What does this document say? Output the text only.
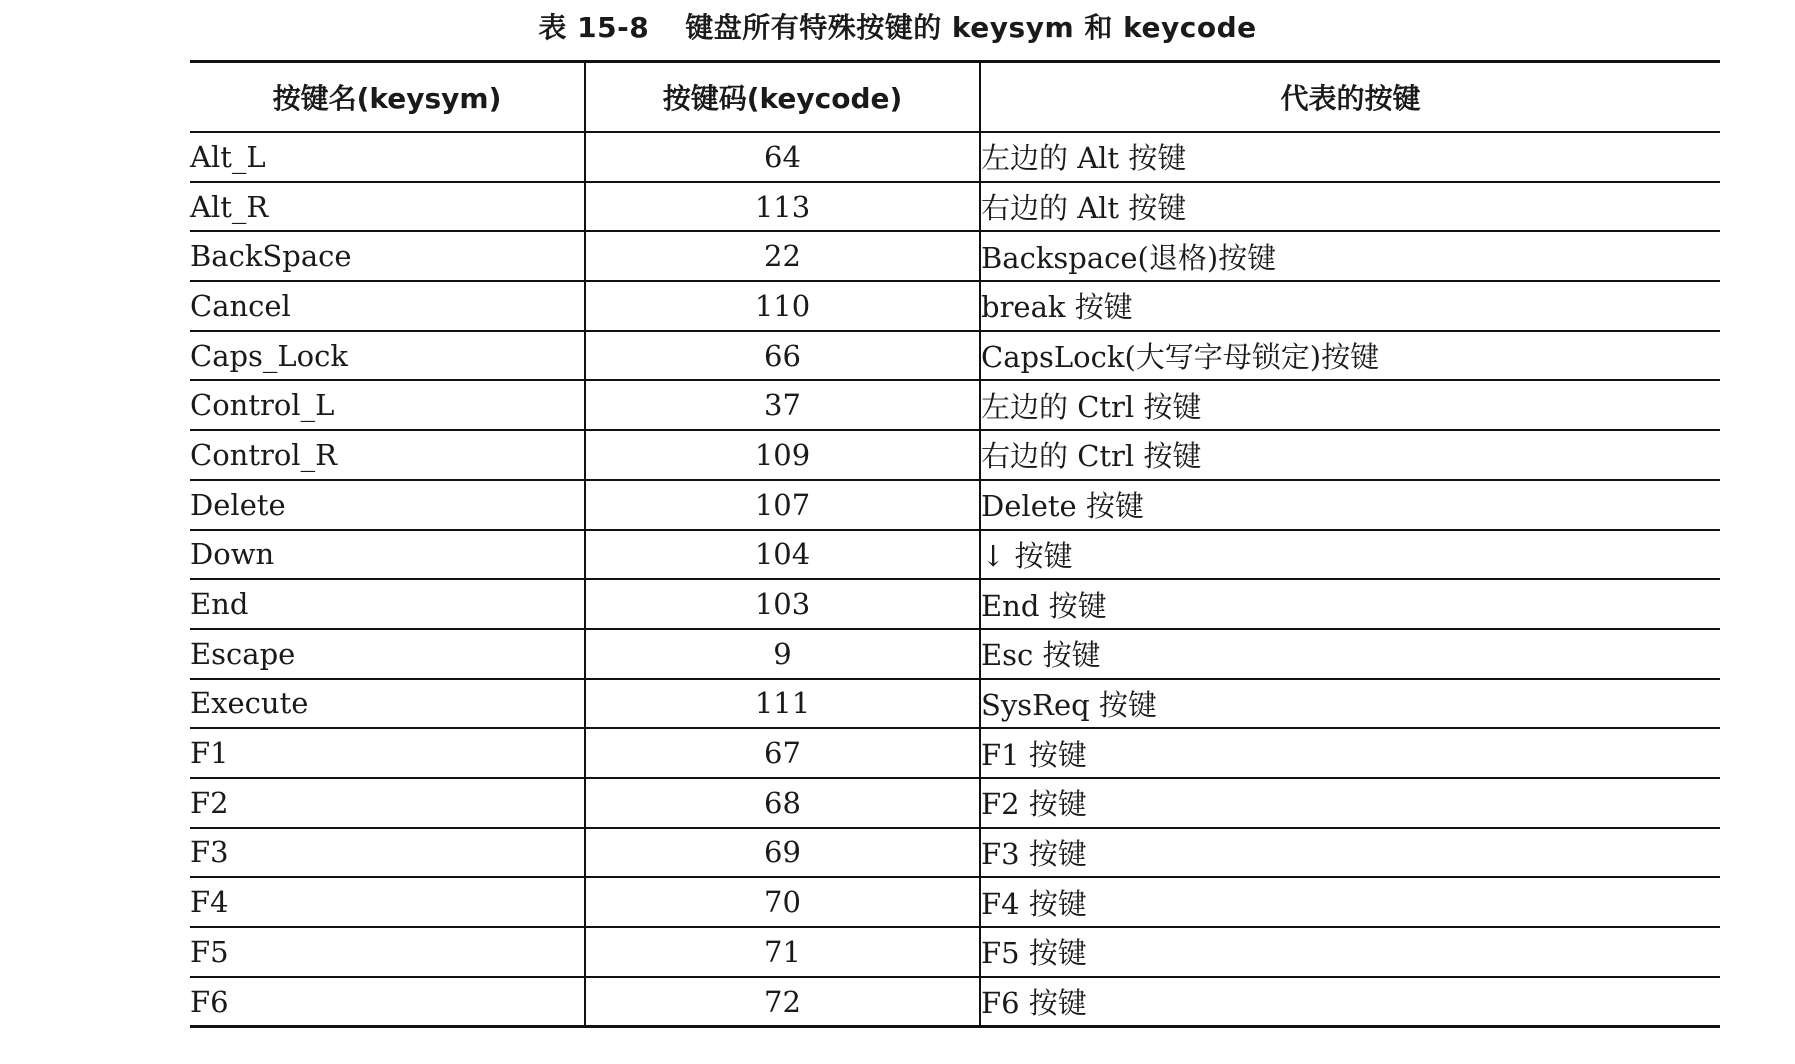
表 15-8 键盘所有特殊按键的 keysym 和 keycode
按键名(keysym)	按键码(keycode)	代表的按键
Alt_L	64	左边的 Alt 按键
Alt_R	113	右边的 Alt 按键
BackSpace	22	Backspace(退格)按键
Cancel	110	break 按键
Caps_Lock	66	CapsLock(大写字母锁定)按键
Control_L	37	左边的 Ctrl 按键
Control_R	109	右边的 Ctrl 按键
Delete	107	Delete 按键
Down	104	↓ 按键
End	103	End 按键
Escape	9	Esc 按键
Execute	111	SysReq 按键
F1	67	F1 按键
F2	68	F2 按键
F3	69	F3 按键
F4	70	F4 按键
F5	71	F5 按键
F6	72	F6 按键
